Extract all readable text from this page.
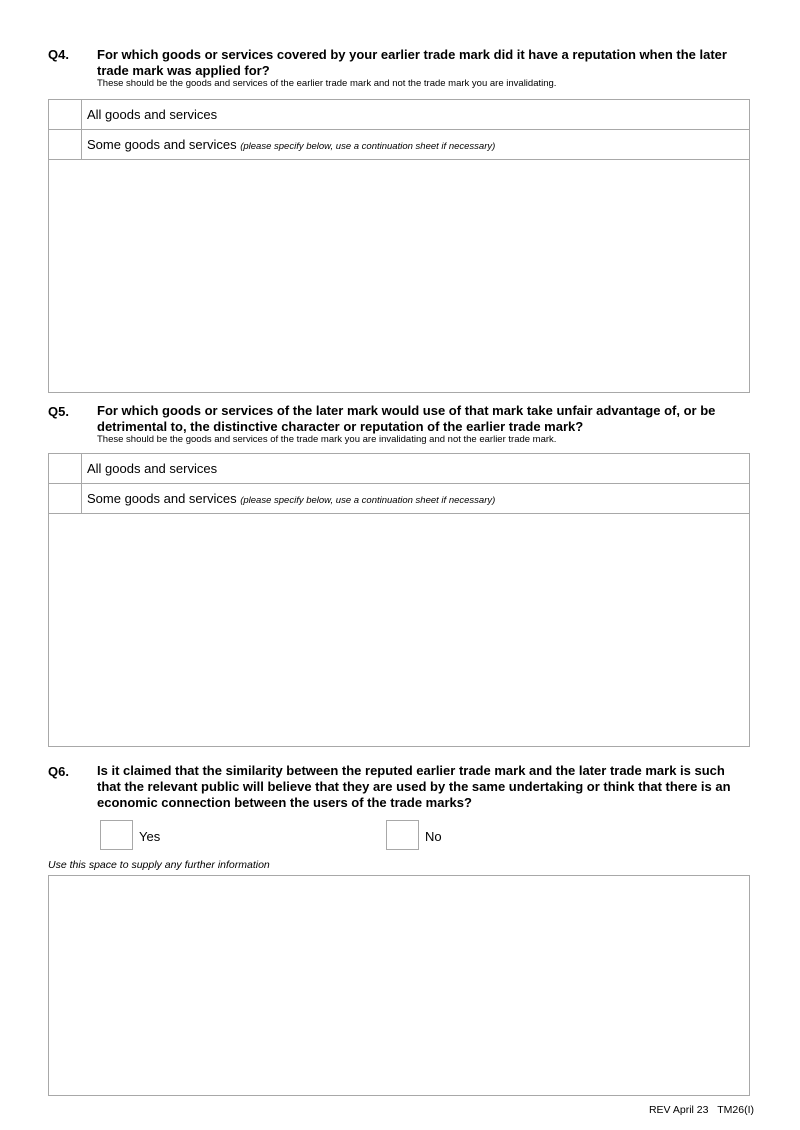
Q4. For which goods or services covered by your earlier trade mark did it have a reputation when the later trade mark was applied for?
These should be the goods and services of the earlier trade mark and not the trade mark you are invalidating.
All goods and services
Some goods and services (please specify below, use a continuation sheet if necessary)
Q5. For which goods or services of the later mark would use of that mark take unfair advantage of, or be detrimental to, the distinctive character or reputation of the earlier trade mark?
These should be the goods and services of the trade mark you are invalidating and not the earlier trade mark.
All goods and services
Some goods and services (please specify below, use a continuation sheet if necessary)
Q6. Is it claimed that the similarity between the reputed earlier trade mark and the later trade mark is such that the relevant public will believe that they are used by the same undertaking or think that there is an economic connection between the users of the trade marks?
Yes	No
Use this space to supply any further information
REV April 23 TM26(I)
